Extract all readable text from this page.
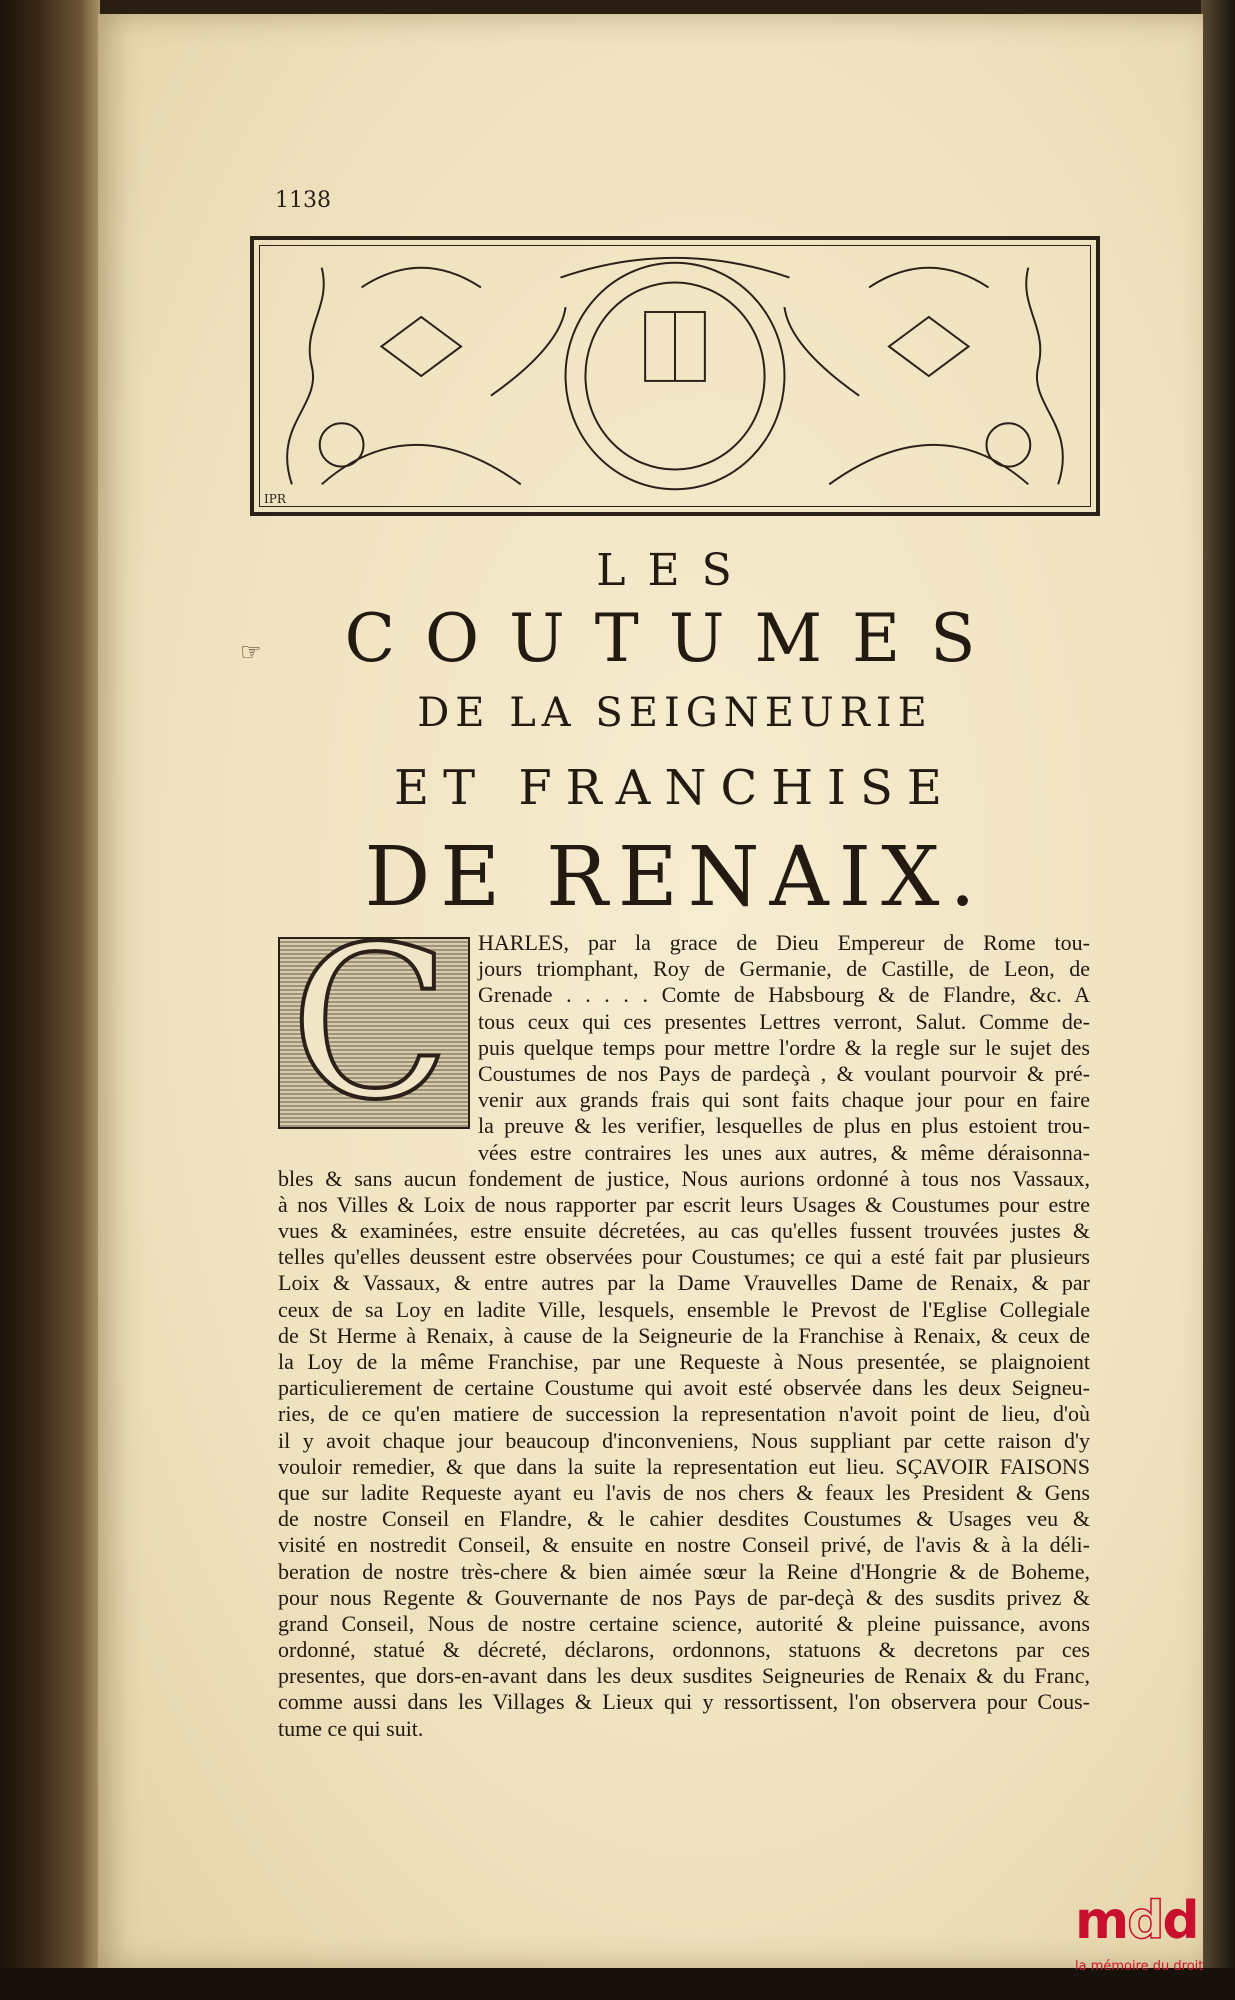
1138
IPR
☞
LES
COUTUMES
DE LA SEIGNEURIE
ET FRANCHISE
DE RENAIX.
C HARLES, par la grace de Dieu Empereur de Rome tou-
jours triomphant, Roy de Germanie, de Castille, de Leon, de
Grenade . . . . . Comte de Habsbourg & de Flandre, &c. A
tous ceux qui ces presentes Lettres verront, Salut. Comme de-
puis quelque temps pour mettre l'ordre & la regle sur le sujet des
Coustumes de nos Pays de pardeçà , & voulant pourvoir & pré-
venir aux grands frais qui sont faits chaque jour pour en faire
la preuve & les verifier, lesquelles de plus en plus estoient trou-
vées estre contraires les unes aux autres, & même déraisonna-
bles & sans aucun fondement de justice, Nous aurions ordonné à tous nos Vassaux,
à nos Villes & Loix de nous rapporter par escrit leurs Usages & Coustumes pour estre
vues & examinées, estre ensuite décretées, au cas qu'elles fussent trouvées justes &
telles qu'elles deussent estre observées pour Coustumes; ce qui a esté fait par plusieurs
Loix & Vassaux, & entre autres par la Dame Vrauvelles Dame de Renaix, & par
ceux de sa Loy en ladite Ville, lesquels, ensemble le Prevost de l'Eglise Collegiale
de St Herme à Renaix, à cause de la Seigneurie de la Franchise à Renaix, & ceux de
la Loy de la même Franchise, par une Requeste à Nous presentée, se plaignoient
particulierement de certaine Coustume qui avoit esté observée dans les deux Seigneu-
ries, de ce qu'en matiere de succession la representation n'avoit point de lieu, d'où
il y avoit chaque jour beaucoup d'inconveniens, Nous suppliant par cette raison d'y
vouloir remedier, & que dans la suite la representation eut lieu. SÇAVOIR FAISONS
que sur ladite Requeste ayant eu l'avis de nos chers & feaux les President & Gens
de nostre Conseil en Flandre, & le cahier desdites Coustumes & Usages veu &
visité en nostredit Conseil, & ensuite en nostre Conseil privé, de l'avis & à la déli-
beration de nostre très-chere & bien aimée sœur la Reine d'Hongrie & de Boheme,
pour nous Regente & Gouvernante de nos Pays de par-deçà & des susdits privez &
grand Conseil, Nous de nostre certaine science, autorité & pleine puissance, avons
ordonné, statué & décreté, déclarons, ordonnons, statuons & decretons par ces
presentes, que dors-en-avant dans les deux susdites Seigneuries de Renaix & du Franc,
comme aussi dans les Villages & Lieux qui y ressortissent, l'on observera pour Cous-
tume ce qui suit.
mdd
la mémoire du droit
